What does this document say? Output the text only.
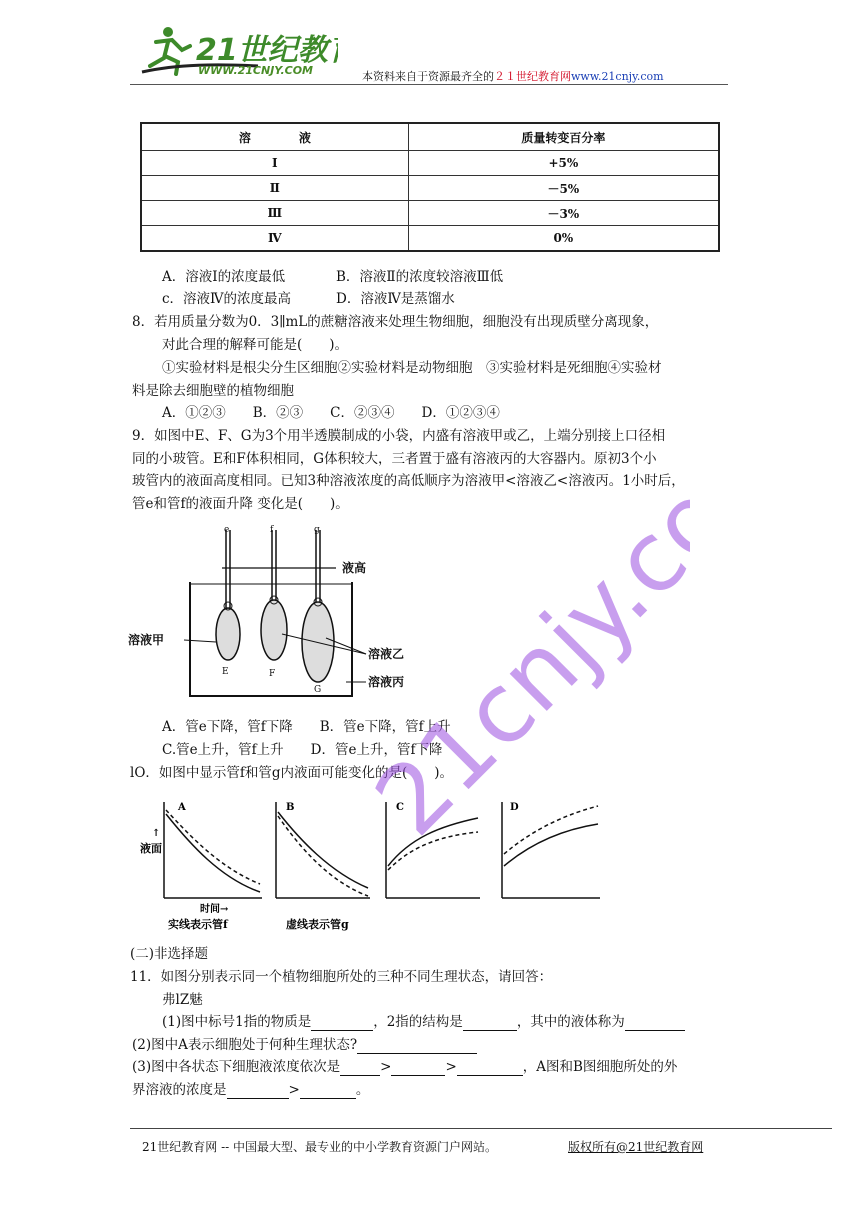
21世纪教
WWW.21CNJY.COM	本资料来自于资源最齐全的２１世纪教育网www.21cnjy.com
溶　　　　液	质量转变百分率
Ⅰ	+5%
Ⅱ	－5%
Ⅲ	－3%
Ⅳ	0%
A．溶液Ⅰ的浓度最低	B．溶液Ⅱ的浓度较溶液Ⅲ低
c．溶液Ⅳ的浓度最高	D．溶液Ⅳ是蒸馏水
8．若用质量分数为0．3∥mL的蔗糖溶液来处理生物细胞，细胞没有出现质壁分离现象，
对此合理的解释可能是(　　)。
①实验材料是根尖分生区细胞②实验材料是动物细胞　③实验材料是死细胞④实验材
料是除去细胞壁的植物细胞
A．①②③　　B．②③　　C．②③④　　D．①②③④
9．如图中E、F、G为3个用半透膜制成的小袋，内盛有溶液甲或乙，上端分别接上口径相
同的小玻管。E和F体积相同，G体积较大，三者置于盛有溶液丙的大容器内。原初3个小
玻管内的液面高度相同。已知3种溶液浓度的高低顺序为溶液甲<溶液乙<溶液丙。1小时后，
管e和管f的液面升降 变化是(　　)。
e	f	g
液高
溶液甲
溶液乙
溶液丙
E	F
G
A．管e下降，管f下降　　B．管e下降，管f上升
C.管e上升，管f上升　　D．管e上升，管f下降
lO．如图中显示管f和管g内液面可能变化的是(　　)。
A	B	C	D
↑
液面
时间→
实线表示管f	虚线表示管g
(二)非选择题
11．如图分别表示同一个植物细胞所处的三种不同生理状态，请回答：
弗lZ魅
(1)图中标号1指的物质是	，2指的结构是	，其中的液体称为
(2)图中A表示细胞处于何种生理状态?
(3)图中各状态下细胞液浓度依次是	>	>	，A图和B图细胞所处的外
界溶液的浓度是	>	。
21cnjy.com
21世纪教育网 -- 中国最大型、最专业的中小学教育资源门户网站。	版权所有@21世纪教育网
